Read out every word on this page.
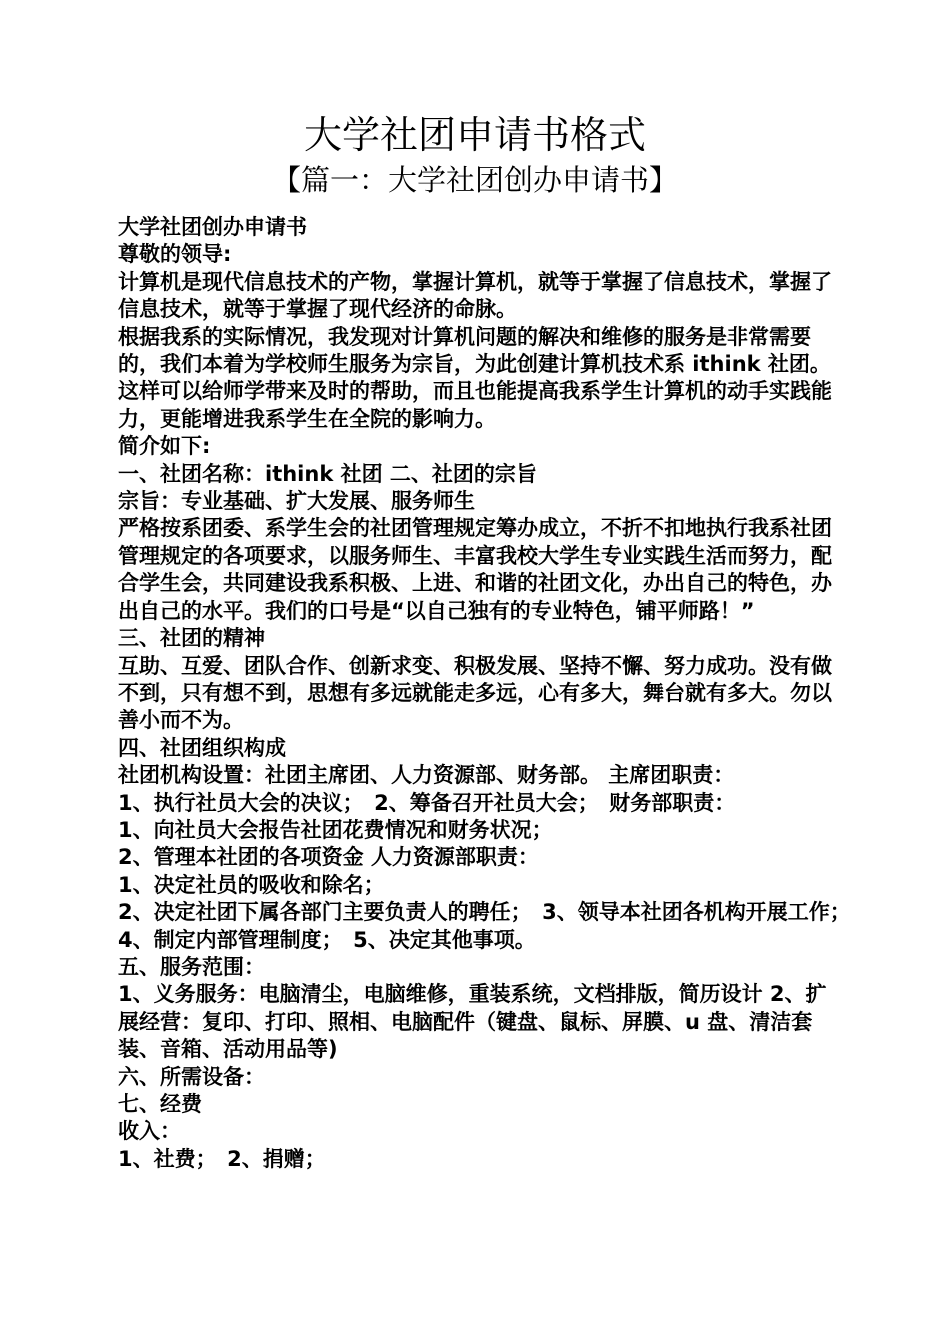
大学社团申请书格式
【篇一：大学社团创办申请书】

大学社团创办申请书

尊敬的领导:

计算机是现代信息技术的产物，掌握计算机，就等于掌握了信息技术，掌握了信息技术，就等于掌握了现代经济的命脉。

根据我系的实际情况，我发现对计算机问题的解决和维修的服务是非常需要的，我们本着为学校师生服务为宗旨，为此创建计算机技术系 ithink 社团。这样可以给师学带来及时的帮助，而且也能提高我系学生计算机的动手实践能力，更能增进我系学生在全院的影响力。

简介如下:

一、社团名称：ithink 社团 二、社团的宗旨

宗旨：专业基础、扩大发展、服务师生

严格按系团委、系学生会的社团管理规定筹办成立，不折不扣地执行我系社团管理规定的各项要求，以服务师生、丰富我校大学生专业实践生活而努力，配合学生会，共同建设我系积极、上进、和谐的社团文化，办出自己的特色，办出自己的水平。我们的口号是“以自己独有的专业特色，铺平师路！”

三、社团的精神

互助、互爱、团队合作、创新求变、积极发展、坚持不懈、努力成功。没有做不到，只有想不到，思想有多远就能走多远，心有多大，舞台就有多大。勿以善小而不为。

四、社团组织构成

社团机构设置：社团主席团、人力资源部、财务部。 主席团职责：

1、执行社员大会的决议；　2、筹备召开社员大会；　财务部职责：

1、向社员大会报告社团花费情况和财务状况；

2、管理本社团的各项资金 人力资源部职责：

1、决定社员的吸收和除名；

2、决定社团下属各部门主要负责人的聘任；　3、领导本社团各机构开展工作；　4、制定内部管理制度；　5、决定其他事项。

五、服务范围：

1、义务服务：电脑清尘，电脑维修，重装系统，文档排版，简历设计 2、扩展经营：复印、打印、照相、电脑配件（键盘、鼠标、屏膜、u 盘、清洁套装、音箱、活动用品等)

六、所需设备：

七、经费

收入：

1、社费；　2、捐赠；
